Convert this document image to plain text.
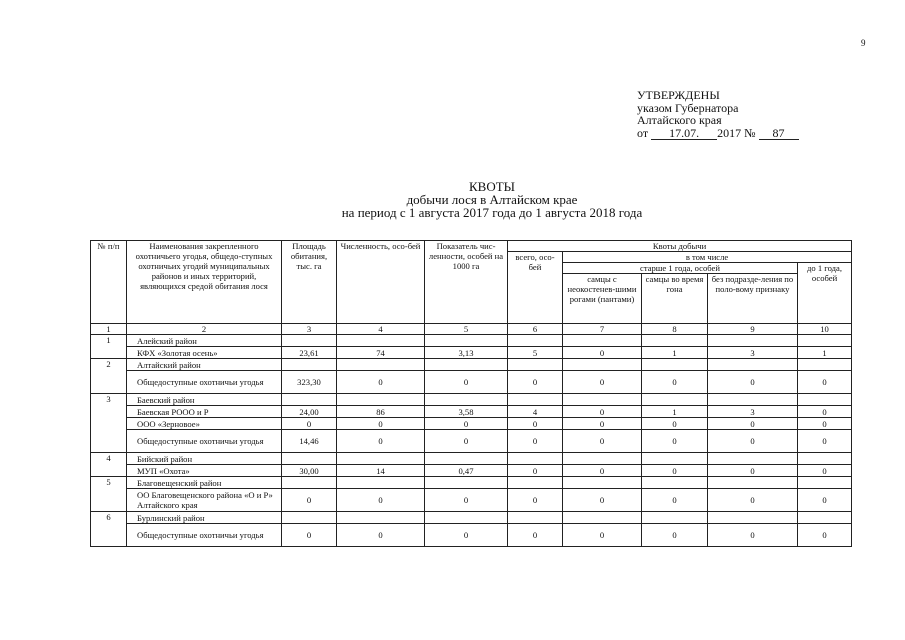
9
УТВЕРЖДЕНЫ
указом Губернатора
Алтайского края
от 17.07. 2017 № 87
КВОТЫ
добычи лося в Алтайском крае
на период с 1 августа 2017 года до 1 августа 2018 года
№ п/п	Наименования закрепленного охотничьего угодья, общедо-ступных охотничьих угодий муниципальных районов и иных территорий, являющихся средой обитания лося	Площадь обитания, тыс. га	Численность, осо-бей	Показатель чис-ленности, особей на 1000 га	Квоты добычи				
					всего, осо-бей	в том числе			
						старше 1 года, особей			до 1 года, особей
						самцы с неокостенев-шими рогами (пантами)	самцы во время гона	без подразде-ления по поло-вому признаку	
1	2	3	4	5	6	7	8	9	10
1	Алейский район								
	КФХ «Золотая осень»	23,61	74	3,13	5	0	1	3	1
2	Алтайский район								
	Общедоступные охотничьи угодья	323,30	0	0	0	0	0	0	0
3	Баевский район								
	Баевская РООО и Р	24,00	86	3,58	4	0	1	3	0
	ООО «Зерновое»	0	0	0	0	0	0	0	0
	Общедоступные охотничьи угодья	14,46	0	0	0	0	0	0	0
4	Бийский район								
	МУП «Охота»	30,00	14	0,47	0	0	0	0	0
5	Благовещенский район								
	ОО Благовещенского района «О и Р» Алтайского края	0	0	0	0	0	0	0	0
6	Бурлинский район								
	Общедоступные охотничьи угодья	0	0	0	0	0	0	0	0
